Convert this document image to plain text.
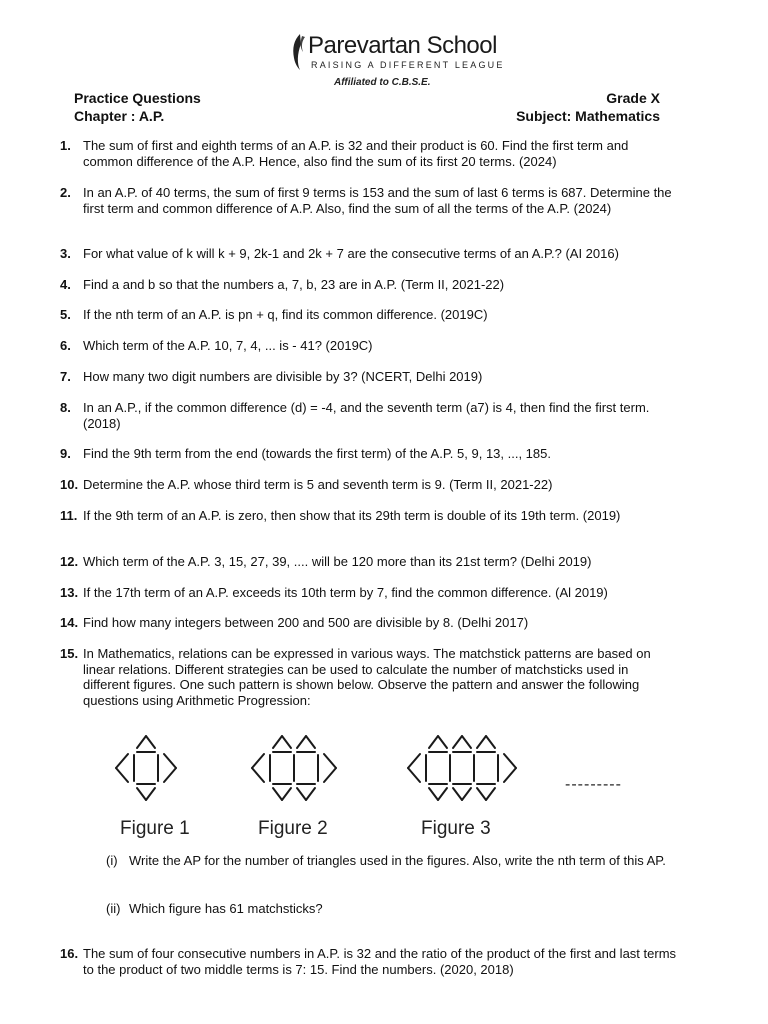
Parevartan School
RAISING A DIFFERENT LEAGUE
Affiliated to C.B.S.E.
Practice Questions
Chapter : A.P.
Grade X
Subject: Mathematics
1. The sum of first and eighth terms of an A.P. is 32 and their product is 60. Find the first term and common difference of the A.P. Hence, also find the sum of its first 20 terms. (2024)
2. In an A.P. of 40 terms, the sum of first 9 terms is 153 and the sum of last 6 terms is 687. Determine the first term and common difference of A.P. Also, find the sum of all the terms of the A.P. (2024)
3. For what value of k will k + 9, 2k-1 and 2k + 7 are the consecutive terms of an A.P.? (AI 2016)
4. Find a and b so that the numbers a, 7, b, 23 are in A.P. (Term II, 2021-22)
5. If the nth term of an A.P. is pn + q, find its common difference. (2019C)
6. Which term of the A.P. 10, 7, 4, ... is - 41? (2019C)
7. How many two digit numbers are divisible by 3? (NCERT, Delhi 2019)
8. In an A.P., if the common difference (d) = -4, and the seventh term (a7) is 4, then find the first term. (2018)
9. Find the 9th term from the end (towards the first term) of the A.P. 5, 9, 13, ..., 185.
10. Determine the A.P. whose third term is 5 and seventh term is 9. (Term II, 2021-22)
11. If the 9th term of an A.P. is zero, then show that its 29th term is double of its 19th term. (2019)
12. Which term of the A.P. 3, 15, 27, 39, .... will be 120 more than its 21st term? (Delhi 2019)
13. If the 17th term of an A.P. exceeds its 10th term by 7, find the common difference. (Al 2019)
14. Find how many integers between 200 and 500 are divisible by 8. (Delhi 2017)
15. In Mathematics, relations can be expressed in various ways. The matchstick patterns are based on linear relations. Different strategies can be used to calculate the number of matchsticks used in different figures. One such pattern is shown below. Observe the pattern and answer the following questions using Arithmetic Progression:
Figure 1	Figure 2	Figure 3
---------
(i) Write the AP for the number of triangles used in the figures. Also, write the nth term of this AP.
(ii) Which figure has 61 matchsticks?
16. The sum of four consecutive numbers in A.P. is 32 and the ratio of the product of the first and last terms to the product of two middle terms is 7: 15. Find the numbers. (2020, 2018)
